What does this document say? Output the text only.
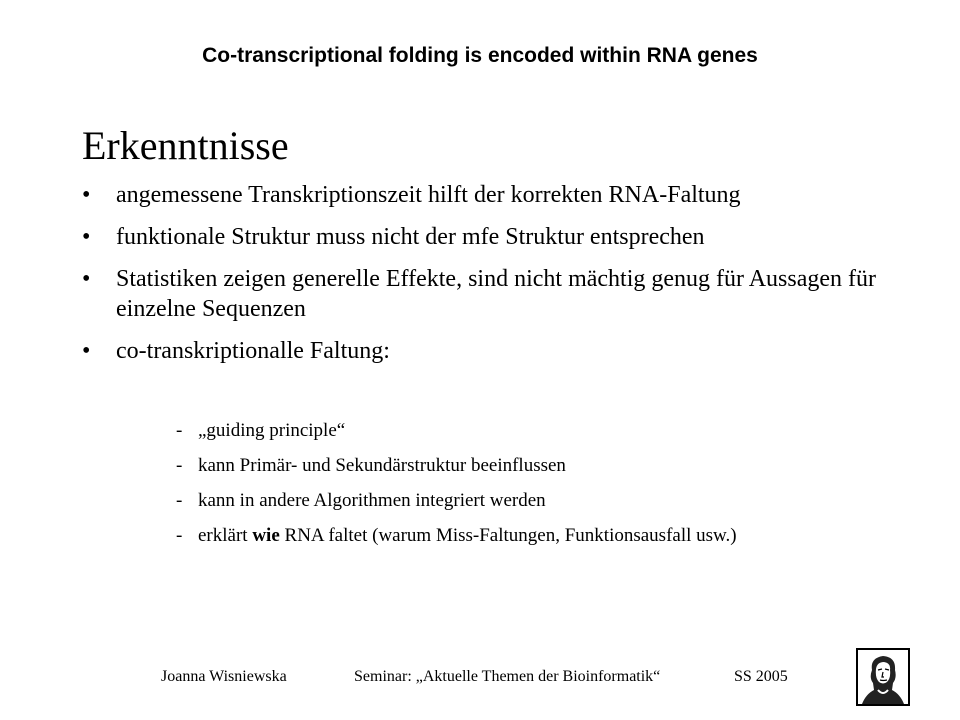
Co-transcriptional folding is encoded within RNA genes
Erkenntnisse
• angemessene Transkriptionszeit hilft der korrekten RNA-Faltung
• funktionale Struktur muss nicht der mfe Struktur entsprechen
• Statistiken zeigen generelle Effekte, sind nicht mächtig genug für Aussagen für einzelne Sequenzen
• co-transkriptionalle Faltung:
- „guiding principle“
- kann Primär- und Sekundärstruktur beeinflussen
- kann in andere Algorithmen integriert werden
- erklärt wie RNA faltet (warum Miss-Faltungen, Funktionsausfall usw.)
Joanna Wisniewska	Seminar: „Aktuelle Themen der Bioinformatik“	SS 2005
